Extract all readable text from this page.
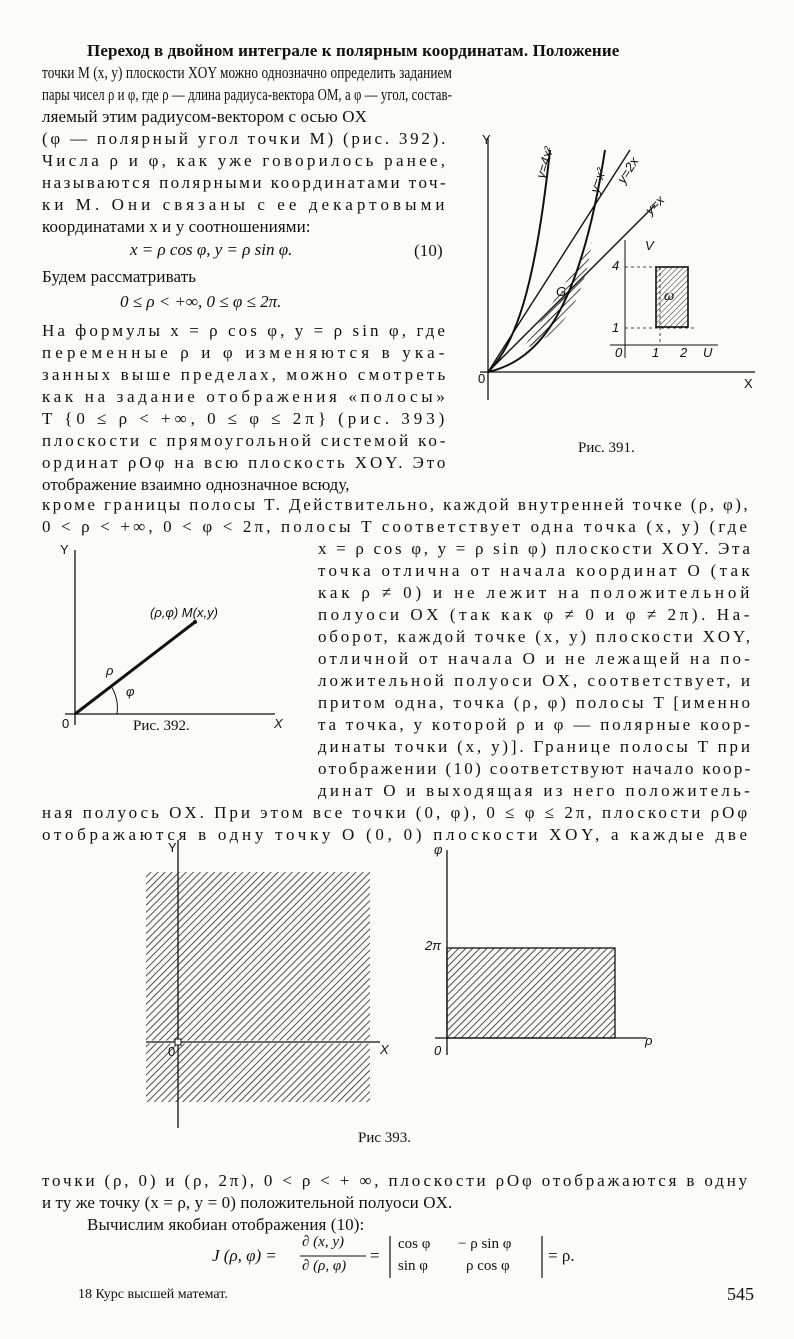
Переход в двойном интеграле к полярным координатам. Положение
точки M (x, y) плоскости XOY можно однозначно определить заданием
пары чисел ρ и φ, где ρ — длина радиуса-вектора OM, а φ — угол, состав-
ляемый этим радиусом-вектором с осью OX
(φ — полярный угол точки M) (рис. 392).
Числа ρ и φ, как уже говорилось ранее,
называются полярными координатами точ-
ки M. Они связаны с ее декартовыми
координатами x и y соотношениями:
x = ρ cos φ, y = ρ sin φ.	(10)
Будем рассматривать
0 ≤ ρ < +∞, 0 ≤ φ ≤ 2π.
На формулы x = ρ cos φ, y = ρ sin φ, где
переменные ρ и φ изменяются в ука-
занных выше пределах, можно смотреть
как на задание отображения «полосы»
T {0 ≤ ρ < +∞, 0 ≤ φ ≤ 2π} (рис. 393)
плоскости с прямоугольной системой ко-
ординат ρOφ на всю плоскость XOY. Это
отображение взаимно однозначное всюду,
кроме границы полосы T. Действительно, каждой внутренней точке (ρ, φ),
0 < ρ < +∞, 0 < φ < 2π, полосы T соответствует одна точка (x, y) (где
x = ρ cos φ, y = ρ sin φ) плоскости XOY. Эта
точка отлична от начала координат O (так
как ρ ≠ 0) и не лежит на положительной
полуоси OX (так как φ ≠ 0 и φ ≠ 2π). На-
оборот, каждой точке (x, y) плоскости XOY,
отличной от начала O и не лежащей на по-
ложительной полуоси OX, соответствует, и
притом одна, точка (ρ, φ) полосы T [именно
та точка, у которой ρ и φ — полярные коор-
динаты точки (x, y)]. Границе полосы T при
отображении (10) соответствуют начало коор-
динат O и выходящая из него положитель-
ная полуось OX. При этом все точки (0, φ), 0 ≤ φ ≤ 2π, плоскости ρOφ
отображаются в одну точку O (0, 0) плоскости XOY, а каждые две
Y
X
0
y=4x²
y=x² y=2x
y=x
G
V
U
ω
4
1
0 1 2
Рис. 391.
Y
X
0
(ρ,φ) M(x,y)
ρ
φ
Рис. 392.
Y
X
0
φ
ρ
0
2π
Рис 393.
точки (ρ, 0) и (ρ, 2π), 0 < ρ < + ∞, плоскости ρOφ отображаются в одну
и ту же точку (x = ρ, y = 0) положительной полуоси OX.
Вычислим якобиан отображения (10):
J (ρ, φ) =
∂ (x, y)
∂ (ρ, φ)
=
cos φ − ρ sin φ
sin φ	ρ cos φ
= ρ.
18 Курс высшей математ.	545
